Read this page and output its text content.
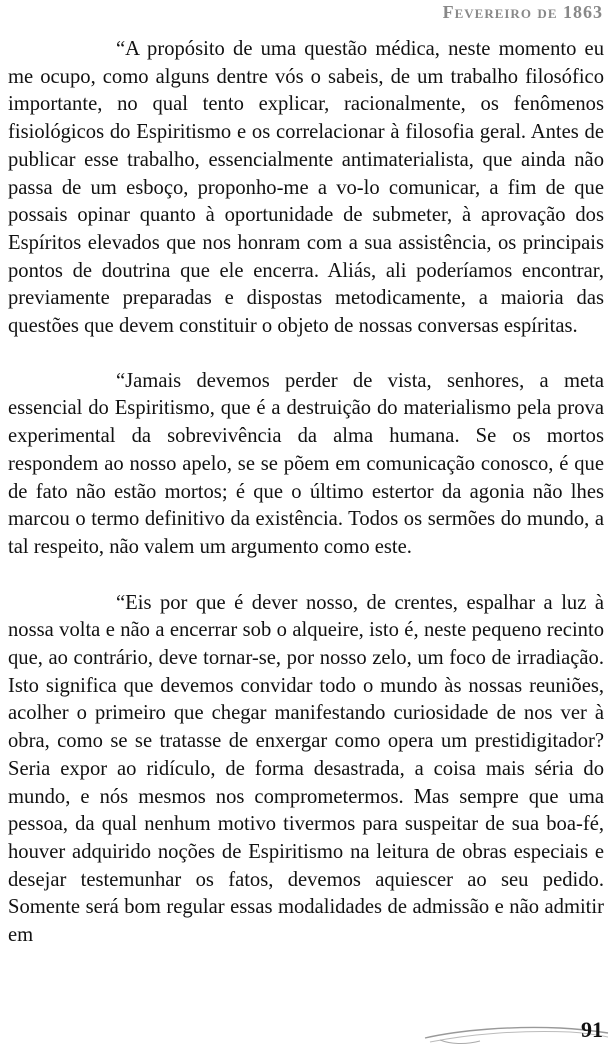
Fevereiro de 1863

“A propósito de uma questão médica, neste momento eu me ocupo, como alguns dentre vós o sabeis, de um trabalho filosófico importante, no qual tento explicar, racionalmente, os fenômenos fisiológicos do Espiritismo e os correlacionar à filosofia geral. Antes de publicar esse trabalho, essencialmente antimaterialista, que ainda não passa de um esboço, proponho-me a vo-lo comunicar, a fim de que possais opinar quanto à oportunidade de submeter, à aprovação dos Espíritos elevados que nos honram com a sua assistência, os principais pontos de doutrina que ele encerra. Aliás, ali poderíamos encontrar, previamente preparadas e dispostas metodicamente, a maioria das questões que devem constituir o objeto de nossas conversas espíritas.

“Jamais devemos perder de vista, senhores, a meta essencial do Espiritismo, que é a destruição do materialismo pela prova experimental da sobrevivência da alma humana. Se os mortos respondem ao nosso apelo, se se põem em comunicação conosco, é que de fato não estão mortos; é que o último estertor da agonia não lhes marcou o termo definitivo da existência. Todos os sermões do mundo, a tal respeito, não valem um argumento como este.

“Eis por que é dever nosso, de crentes, espalhar a luz à nossa volta e não a encerrar sob o alqueire, isto é, neste pequeno recinto que, ao contrário, deve tornar-se, por nosso zelo, um foco de irradiação. Isto significa que devemos convidar todo o mundo às nossas reuniões, acolher o primeiro que chegar manifestando curiosidade de nos ver à obra, como se se tratasse de enxergar como opera um prestidigitador? Seria expor ao ridículo, de forma desastrada, a coisa mais séria do mundo, e nós mesmos nos comprometermos. Mas sempre que uma pessoa, da qual nenhum motivo tivermos para suspeitar de sua boa-fé, houver adquirido noções de Espiritismo na leitura de obras especiais e desejar testemunhar os fatos, devemos aquiescer ao seu pedido. Somente será bom regular essas modalidades de admissão e não admitir em

91
